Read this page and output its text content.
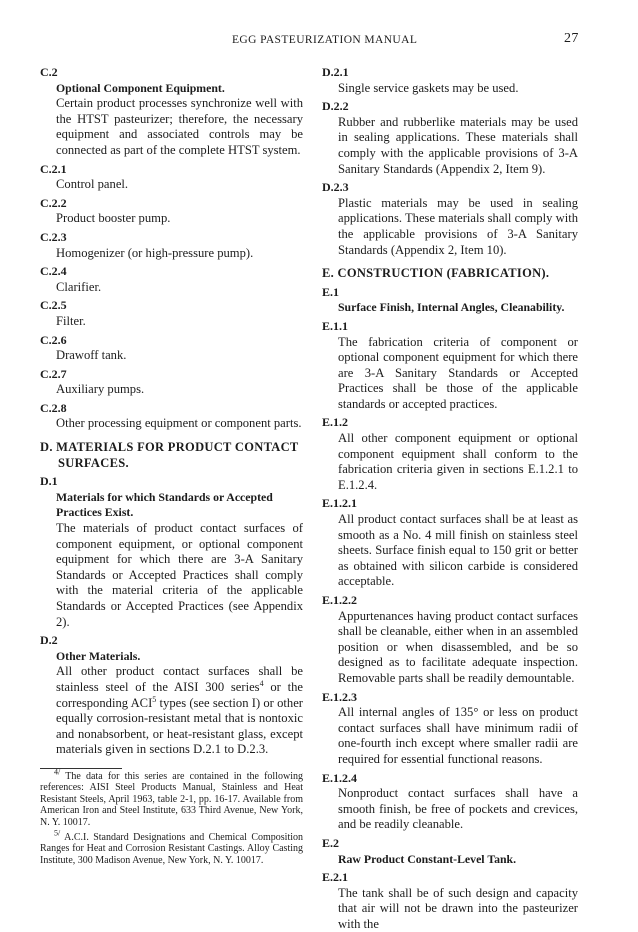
EGG PASTEURIZATION MANUAL	27
C.2
Optional Component Equipment.
Certain product processes synchronize well with the HTST pasteurizer; therefore, the necessary equipment and associated controls may be connected as part of the complete HTST system.
C.2.1
Control panel.
C.2.2
Product booster pump.
C.2.3
Homogenizer (or high-pressure pump).
C.2.4
Clarifier.
C.2.5
Filter.
C.2.6
Drawoff tank.
C.2.7
Auxiliary pumps.
C.2.8
Other processing equipment or component parts.
D. MATERIALS FOR PRODUCT CONTACT
SURFACES.
D.1
Materials for which Standards or Accepted Practices Exist.
The materials of product contact surfaces of component equipment, or optional component equipment for which there are 3-A Sanitary Standards or Accepted Practices shall comply with the material criteria of the applicable Standards or Accepted Practices (see Appendix 2).
D.2
Other Materials.
All other product contact surfaces shall be stainless steel of the AISI 300 series$^4$ or the corresponding ACI$^5$ types (see section I) or other equally corrosion-resistant metal that is nontoxic and nonabsorbent, or heat-resistant glass, except materials given in sections D.2.1 to D.2.3.
$^{4/}$ The data for this series are contained in the following references: AISI Steel Products Manual, Stainless and Heat Resistant Steels, April 1963, table 2-1, pp. 16-17. Available from American Iron and Steel Institute, 633 Third Avenue, New York, N. Y. 10017.
$^{5/}$ A.C.I. Standard Designations and Chemical Composition Ranges for Heat and Corrosion Resistant Castings. Alloy Casting Institute, 300 Madison Avenue, New York, N. Y. 10017.
D.2.1
Single service gaskets may be used.
D.2.2
Rubber and rubberlike materials may be used in sealing applications. These materials shall comply with the applicable provisions of 3-A Sanitary Standards (Appendix 2, Item 9).
D.2.3
Plastic materials may be used in sealing applications. These materials shall comply with the applicable provisions of 3-A Sanitary Standards (Appendix 2, Item 10).
E. CONSTRUCTION (FABRICATION).
E.1
Surface Finish, Internal Angles, Cleanability.
E.1.1
The fabrication criteria of component or optional component equipment for which there are 3-A Sanitary Standards or Accepted Practices shall be those of the applicable standards or accepted practices.
E.1.2
All other component equipment or optional component equipment shall conform to the fabrication criteria given in sections E.1.2.1 to E.1.2.4.
E.1.2.1
All product contact surfaces shall be at least as smooth as a No. 4 mill finish on stainless steel sheets. Surface finish equal to 150 grit or better as obtained with silicon carbide is considered acceptable.
E.1.2.2
Appurtenances having product contact surfaces shall be cleanable, either when in an assembled position or when disassembled, and be so designed as to facilitate adequate inspection. Removable parts shall be readily demountable.
E.1.2.3
All internal angles of 135° or less on product contact surfaces shall have minimum radii of one-fourth inch except where smaller radii are required for essential functional reasons.
E.1.2.4
Nonproduct contact surfaces shall have a smooth finish, be free of pockets and crevices, and be readily cleanable.
E.2
Raw Product Constant-Level Tank.
E.2.1
The tank shall be of such design and capacity that air will not be drawn into the pasteurizer with the
